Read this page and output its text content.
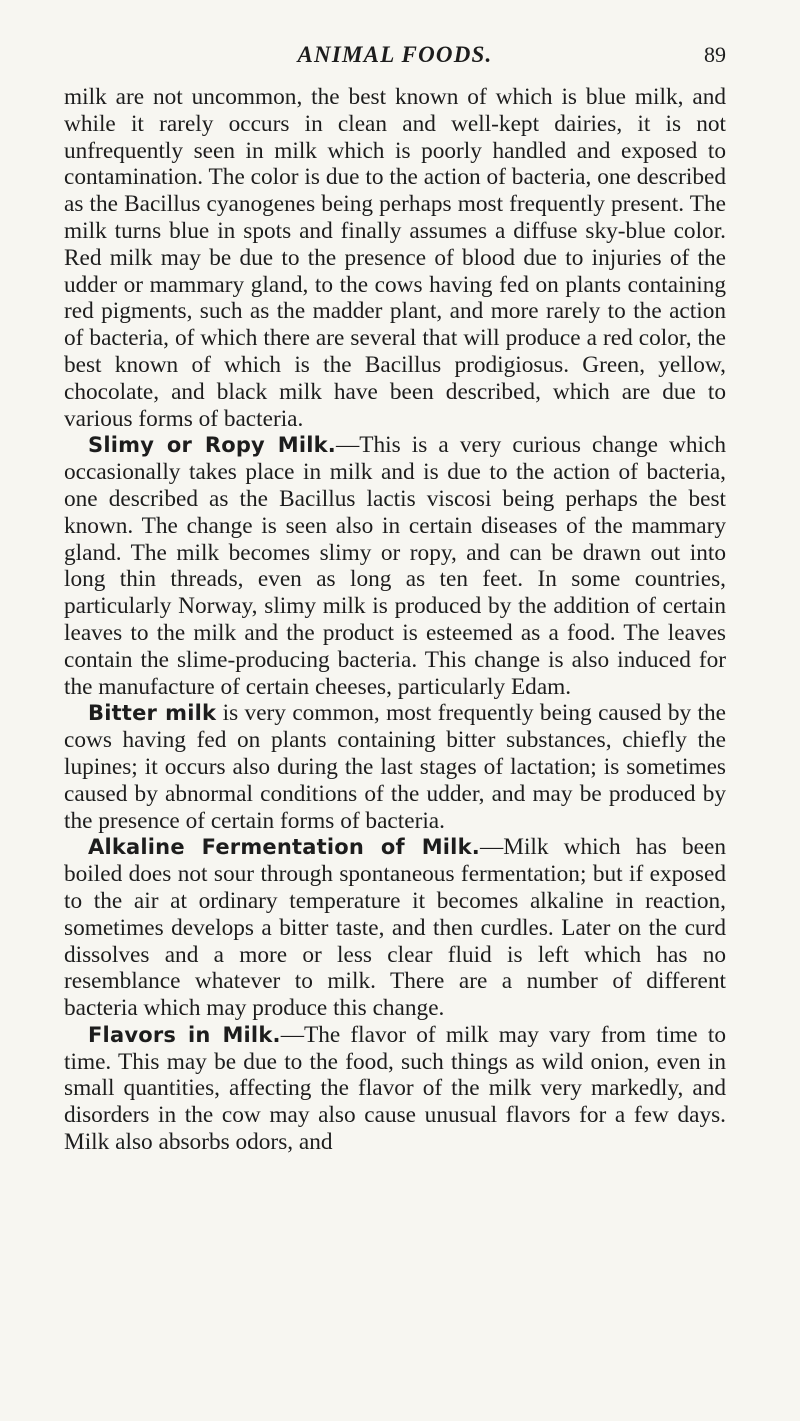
ANIMAL FOODS.	89

milk are not uncommon, the best known of which is blue milk, and while it rarely occurs in clean and well-kept dairies, it is not unfrequently seen in milk which is poorly handled and exposed to contamination. The color is due to the action of bacteria, one described as the Bacillus cyanogenes being perhaps most frequently present. The milk turns blue in spots and finally assumes a diffuse sky-blue color. Red milk may be due to the presence of blood due to injuries of the udder or mammary gland, to the cows having fed on plants containing red pigments, such as the madder plant, and more rarely to the action of bacteria, of which there are several that will produce a red color, the best known of which is the Bacillus prodigiosus. Green, yellow, chocolate, and black milk have been described, which are due to various forms of bacteria.

Slimy or Ropy Milk.—This is a very curious change which occasionally takes place in milk and is due to the action of bacteria, one described as the Bacillus lactis viscosi being perhaps the best known. The change is seen also in certain diseases of the mammary gland. The milk becomes slimy or ropy, and can be drawn out into long thin threads, even as long as ten feet. In some countries, particularly Norway, slimy milk is produced by the addition of certain leaves to the milk and the product is esteemed as a food. The leaves contain the slime-producing bacteria. This change is also induced for the manufacture of certain cheeses, particularly Edam.

Bitter milk is very common, most frequently being caused by the cows having fed on plants containing bitter substances, chiefly the lupines; it occurs also during the last stages of lactation; is sometimes caused by abnormal conditions of the udder, and may be produced by the presence of certain forms of bacteria.

Alkaline Fermentation of Milk.—Milk which has been boiled does not sour through spontaneous fermentation; but if exposed to the air at ordinary temperature it becomes alkaline in reaction, sometimes develops a bitter taste, and then curdles. Later on the curd dissolves and a more or less clear fluid is left which has no resemblance whatever to milk. There are a number of different bacteria which may produce this change.

Flavors in Milk.—The flavor of milk may vary from time to time. This may be due to the food, such things as wild onion, even in small quantities, affecting the flavor of the milk very markedly, and disorders in the cow may also cause unusual flavors for a few days. Milk also absorbs odors, and
